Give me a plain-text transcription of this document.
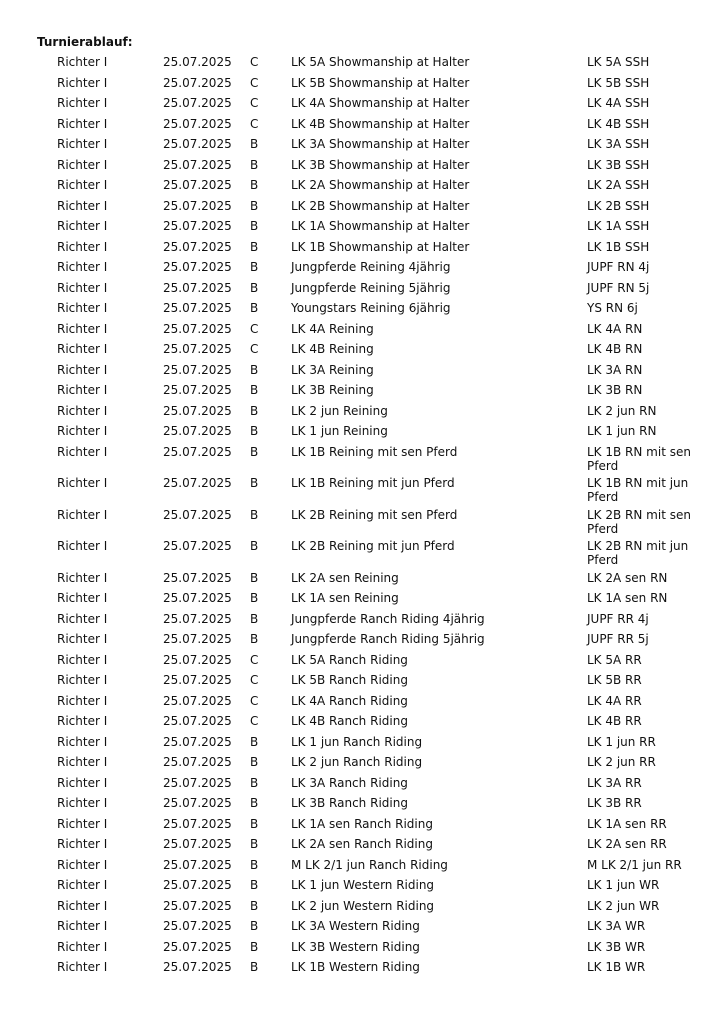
Turnierablauf:
Richter I	25.07.2025 C	LK 5A Showmanship at Halter	LK 5A SSH
Richter I	25.07.2025 C	LK 5B Showmanship at Halter	LK 5B SSH
Richter I	25.07.2025 C	LK 4A Showmanship at Halter	LK 4A SSH
Richter I	25.07.2025 C	LK 4B Showmanship at Halter	LK 4B SSH
Richter I	25.07.2025 B	LK 3A Showmanship at Halter	LK 3A SSH
Richter I	25.07.2025 B	LK 3B Showmanship at Halter	LK 3B SSH
Richter I	25.07.2025 B	LK 2A Showmanship at Halter	LK 2A SSH
Richter I	25.07.2025 B	LK 2B Showmanship at Halter	LK 2B SSH
Richter I	25.07.2025 B	LK 1A Showmanship at Halter	LK 1A SSH
Richter I	25.07.2025 B	LK 1B Showmanship at Halter	LK 1B SSH
Richter I	25.07.2025 B	Jungpferde Reining 4jährig	JUPF RN 4j
Richter I	25.07.2025 B	Jungpferde Reining 5jährig	JUPF RN 5j
Richter I	25.07.2025 B	Youngstars Reining 6jährig	YS RN 6j
Richter I	25.07.2025 C	LK 4A Reining	LK 4A RN
Richter I	25.07.2025 C	LK 4B Reining	LK 4B RN
Richter I	25.07.2025 B	LK 3A Reining	LK 3A RN
Richter I	25.07.2025 B	LK 3B Reining	LK 3B RN
Richter I	25.07.2025 B	LK 2 jun Reining	LK 2 jun RN
Richter I	25.07.2025 B	LK 1 jun Reining	LK 1 jun RN
Richter I	25.07.2025 B	LK 1B Reining mit sen Pferd	LK 1B RN mit sen Pferd
Richter I	25.07.2025 B	LK 1B Reining mit jun Pferd	LK 1B RN mit jun Pferd
Richter I	25.07.2025 B	LK 2B Reining mit sen Pferd	LK 2B RN mit sen Pferd
Richter I	25.07.2025 B	LK 2B Reining mit jun Pferd	LK 2B RN mit jun Pferd
Richter I	25.07.2025 B	LK 2A sen Reining	LK 2A sen RN
Richter I	25.07.2025 B	LK 1A sen Reining	LK 1A sen RN
Richter I	25.07.2025 B	Jungpferde Ranch Riding 4jährig	JUPF RR 4j
Richter I	25.07.2025 B	Jungpferde Ranch Riding 5jährig	JUPF RR 5j
Richter I	25.07.2025 C	LK 5A Ranch Riding	LK 5A RR
Richter I	25.07.2025 C	LK 5B Ranch Riding	LK 5B RR
Richter I	25.07.2025 C	LK 4A Ranch Riding	LK 4A RR
Richter I	25.07.2025 C	LK 4B Ranch Riding	LK 4B RR
Richter I	25.07.2025 B	LK 1 jun Ranch Riding	LK 1 jun RR
Richter I	25.07.2025 B	LK 2 jun Ranch Riding	LK 2 jun RR
Richter I	25.07.2025 B	LK 3A Ranch Riding	LK 3A RR
Richter I	25.07.2025 B	LK 3B Ranch Riding	LK 3B RR
Richter I	25.07.2025 B	LK 1A sen Ranch Riding	LK 1A sen RR
Richter I	25.07.2025 B	LK 2A sen Ranch Riding	LK 2A sen RR
Richter I	25.07.2025 B	M LK 2/1 jun Ranch Riding	M LK 2/1 jun RR
Richter I	25.07.2025 B	LK 1 jun Western Riding	LK 1 jun WR
Richter I	25.07.2025 B	LK 2 jun Western Riding	LK 2 jun WR
Richter I	25.07.2025 B	LK 3A Western Riding	LK 3A WR
Richter I	25.07.2025 B	LK 3B Western Riding	LK 3B WR
Richter I	25.07.2025 B	LK 1B Western Riding	LK 1B WR
